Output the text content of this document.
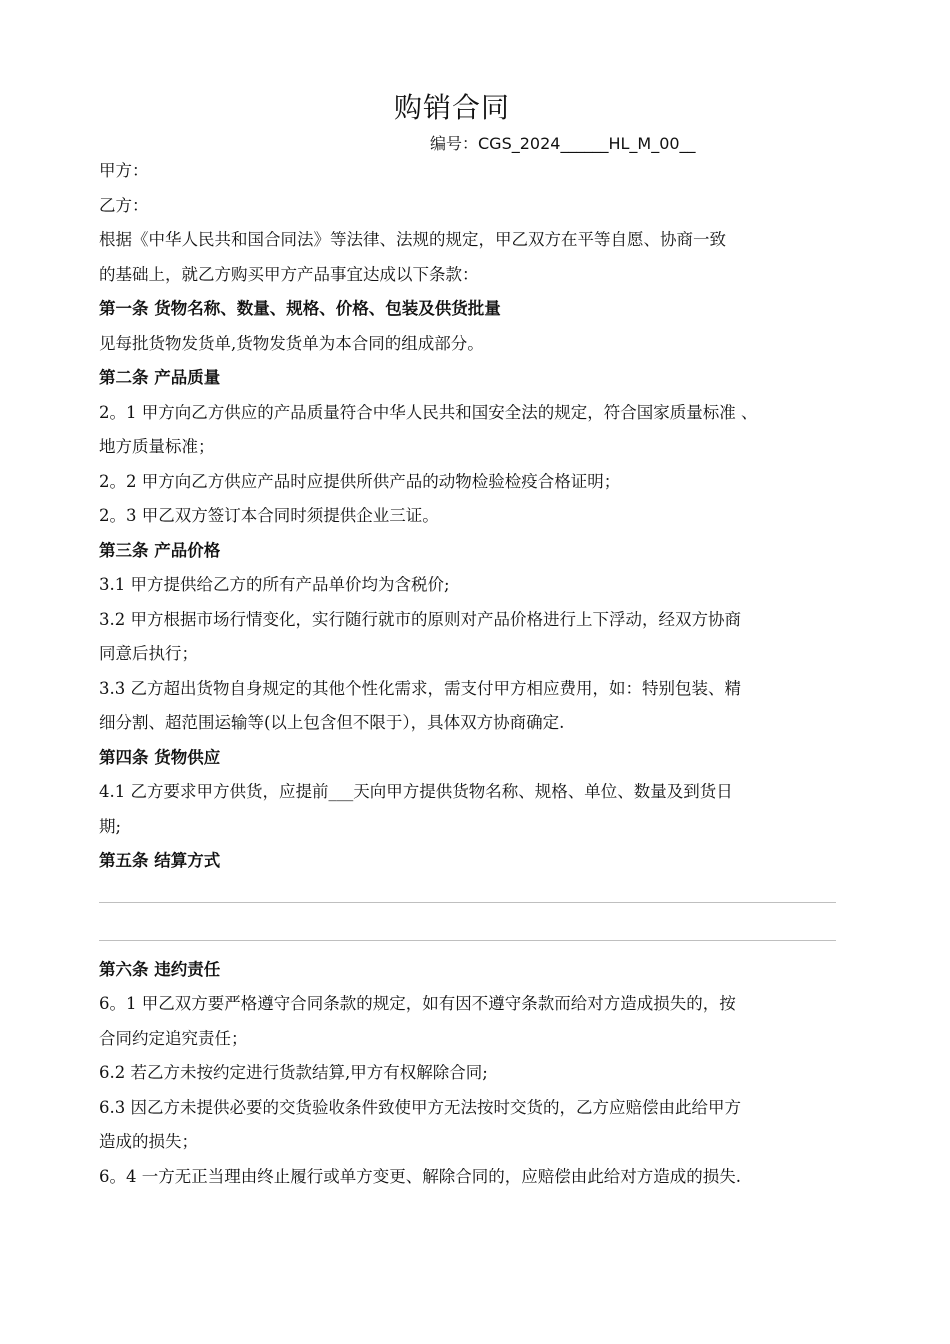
购销合同
编号：CGS_2024______HL_M_00__
甲方：
乙方：
根据《中华人民共和国合同法》等法律、法规的规定，甲乙双方在平等自愿、协商一致
的基础上，就乙方购买甲方产品事宜达成以下条款：
第一条 货物名称、数量、规格、价格、包装及供货批量
见每批货物发货单,货物发货单为本合同的组成部分。
第二条 产品质量
2。1 甲方向乙方供应的产品质量符合中华人民共和国安全法的规定，符合国家质量标准 、
地方质量标准；
2。2 甲方向乙方供应产品时应提供所供产品的动物检验检疫合格证明；
2。3 甲乙双方签订本合同时须提供企业三证。
第三条 产品价格
3.1 甲方提供给乙方的所有产品单价均为含税价;
3.2 甲方根据市场行情变化，实行随行就市的原则对产品价格进行上下浮动，经双方协商
同意后执行；
3.3 乙方超出货物自身规定的其他个性化需求，需支付甲方相应费用，如：特别包装、精
细分割、超范围运输等(以上包含但不限于），具体双方协商确定.
第四条 货物供应
4.1 乙方要求甲方供货，应提前___天向甲方提供货物名称、规格、单位、数量及到货日
期;
第五条 结算方式
第六条 违约责任
6。1 甲乙双方要严格遵守合同条款的规定，如有因不遵守条款而给对方造成损失的，按
合同约定追究责任；
6.2 若乙方未按约定进行货款结算,甲方有权解除合同;
6.3 因乙方未提供必要的交货验收条件致使甲方无法按时交货的，乙方应赔偿由此给甲方
造成的损失；
6。4 一方无正当理由终止履行或单方变更、解除合同的，应赔偿由此给对方造成的损失.
